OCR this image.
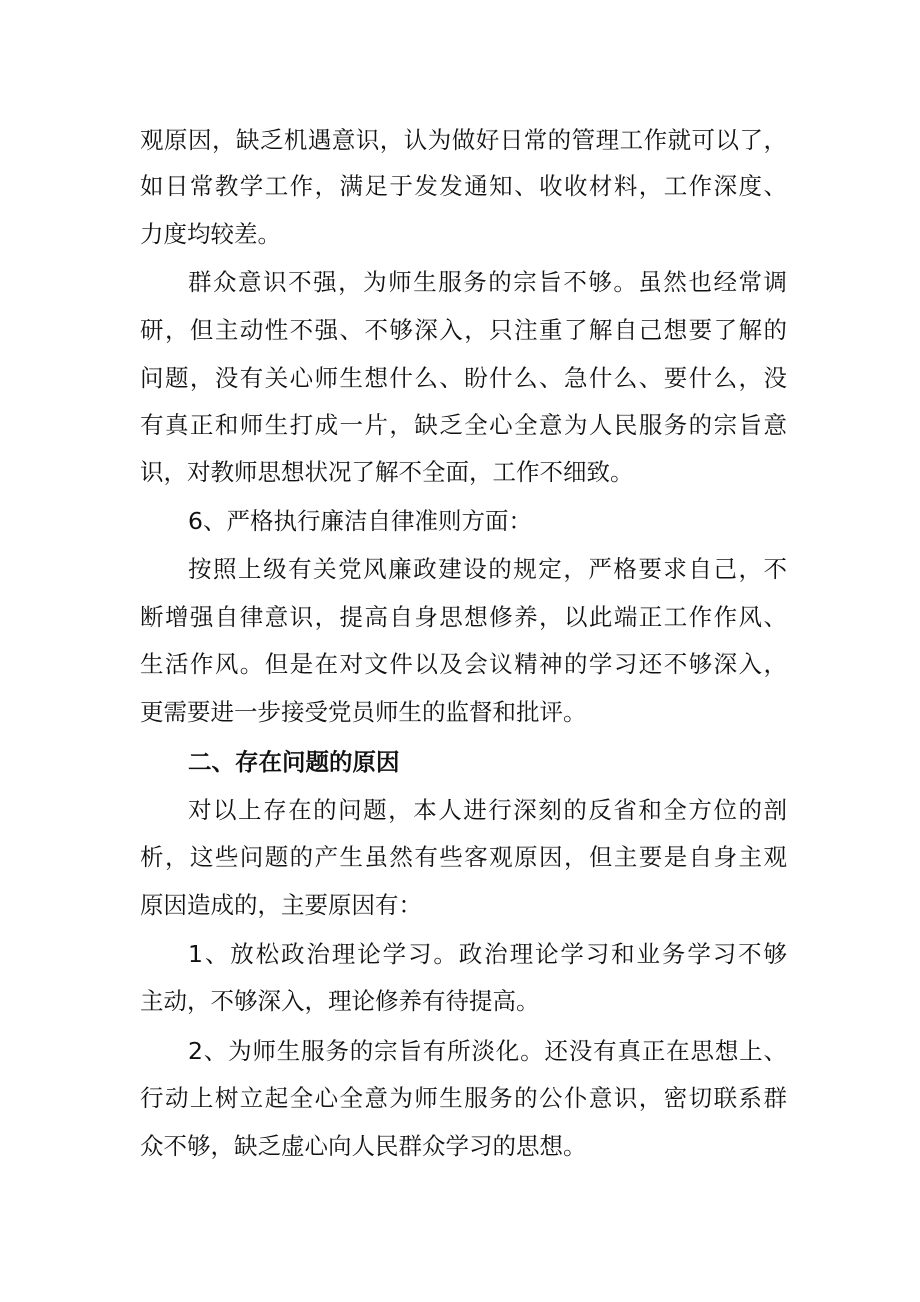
观原因，缺乏机遇意识，认为做好日常的管理工作就可以了，
如日常教学工作，满足于发发通知、收收材料，工作深度、
力度均较差。
群众意识不强，为师生服务的宗旨不够。虽然也经常调
研，但主动性不强、不够深入，只注重了解自己想要了解的
问题，没有关心师生想什么、盼什么、急什么、要什么，没
有真正和师生打成一片，缺乏全心全意为人民服务的宗旨意
识，对教师思想状况了解不全面，工作不细致。
6、严格执行廉洁自律准则方面：
按照上级有关党风廉政建设的规定，严格要求自己，不
断增强自律意识，提高自身思想修养，以此端正工作作风、
生活作风。但是在对文件以及会议精神的学习还不够深入，
更需要进一步接受党员师生的监督和批评。
二、存在问题的原因
对以上存在的问题，本人进行深刻的反省和全方位的剖
析，这些问题的产生虽然有些客观原因，但主要是自身主观
原因造成的，主要原因有：
1、放松政治理论学习。政治理论学习和业务学习不够
主动，不够深入，理论修养有待提高。
2、为师生服务的宗旨有所淡化。还没有真正在思想上、
行动上树立起全心全意为师生服务的公仆意识，密切联系群
众不够，缺乏虚心向人民群众学习的思想。
